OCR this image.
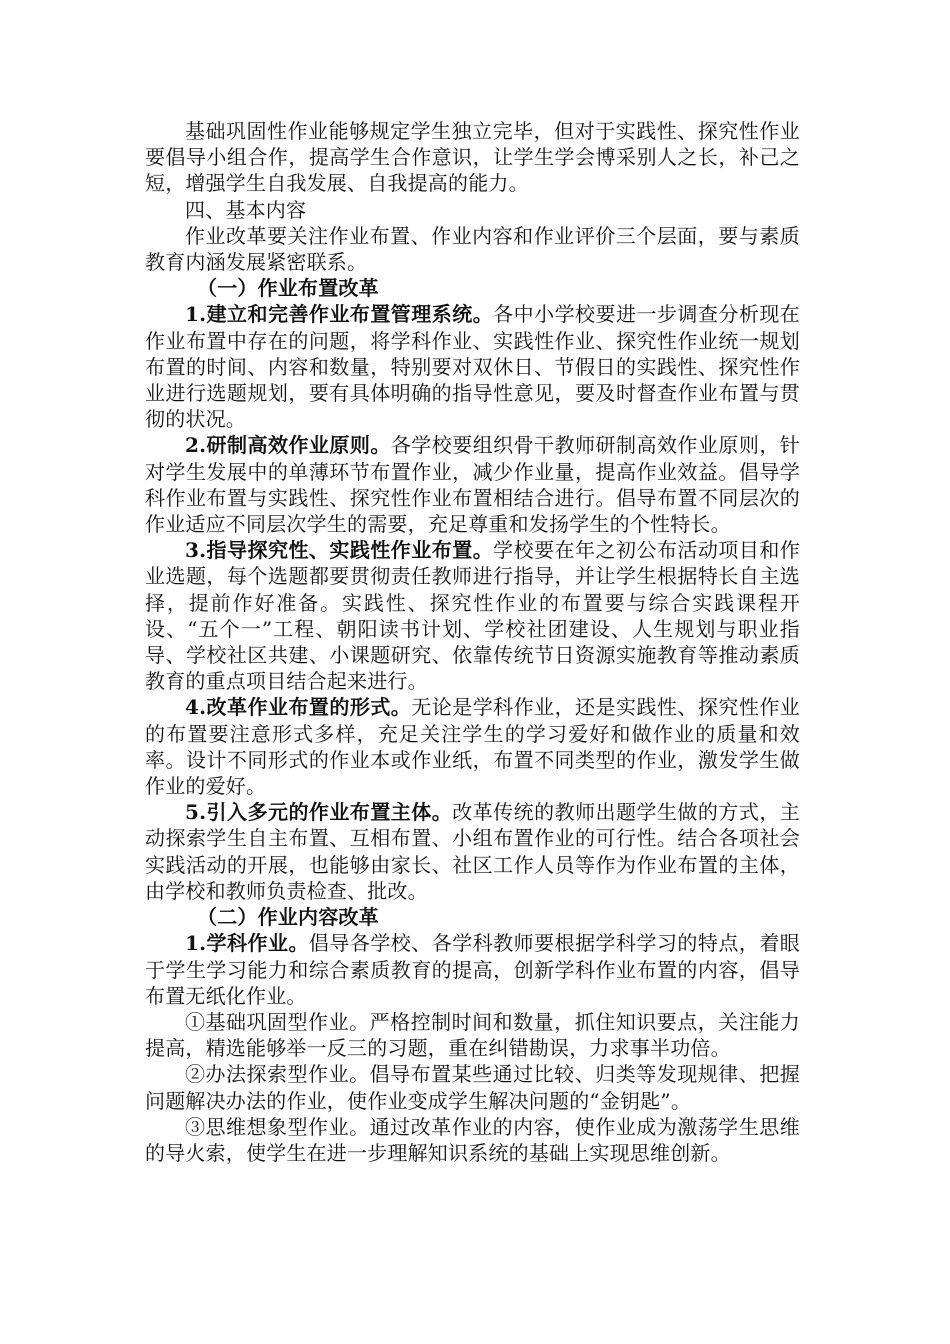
基础巩固性作业能够规定学生独立完毕，但对于实践性、探究性作业要倡导小组合作，提高学生合作意识，让学生学会博采别人之长，补己之短，增强学生自我发展、自我提高的能力。

四、基本内容

作业改革要关注作业布置、作业内容和作业评价三个层面，要与素质教育内涵发展紧密联系。

（一）作业布置改革

1.建立和完善作业布置管理系统。各中小学校要进一步调查分析现在作业布置中存在的问题，将学科作业、实践性作业、探究性作业统一规划布置的时间、内容和数量，特别要对双休日、节假日的实践性、探究性作业进行选题规划，要有具体明确的指导性意见，要及时督查作业布置与贯彻的状况。

2.研制高效作业原则。各学校要组织骨干教师研制高效作业原则，针对学生发展中的单薄环节布置作业，减少作业量，提高作业效益。倡导学科作业布置与实践性、探究性作业布置相结合进行。倡导布置不同层次的作业适应不同层次学生的需要，充足尊重和发扬学生的个性特长。

3.指导探究性、实践性作业布置。学校要在年之初公布活动项目和作业选题，每个选题都要贯彻责任教师进行指导，并让学生根据特长自主选择，提前作好准备。实践性、探究性作业的布置要与综合实践课程开设、“五个一”工程、朝阳读书计划、学校社团建设、人生规划与职业指导、学校社区共建、小课题研究、依靠传统节日资源实施教育等推动素质教育的重点项目结合起来进行。

4.改革作业布置的形式。无论是学科作业，还是实践性、探究性作业的布置要注意形式多样，充足关注学生的学习爱好和做作业的质量和效率。设计不同形式的作业本或作业纸，布置不同类型的作业，激发学生做作业的爱好。

5.引入多元的作业布置主体。改革传统的教师出题学生做的方式，主动探索学生自主布置、互相布置、小组布置作业的可行性。结合各项社会实践活动的开展，也能够由家长、社区工作人员等作为作业布置的主体，由学校和教师负责检查、批改。

（二）作业内容改革

1.学科作业。倡导各学校、各学科教师要根据学科学习的特点，着眼于学生学习能力和综合素质教育的提高，创新学科作业布置的内容，倡导布置无纸化作业。

①基础巩固型作业。严格控制时间和数量，抓住知识要点，关注能力提高，精选能够举一反三的习题，重在纠错勘误，力求事半功倍。

②办法探索型作业。倡导布置某些通过比较、归类等发现规律、把握问题解决办法的作业，使作业变成学生解决问题的“金钥匙”。

③思维想象型作业。通过改革作业的内容，使作业成为激荡学生思维的导火索，使学生在进一步理解知识系统的基础上实现思维创新。
